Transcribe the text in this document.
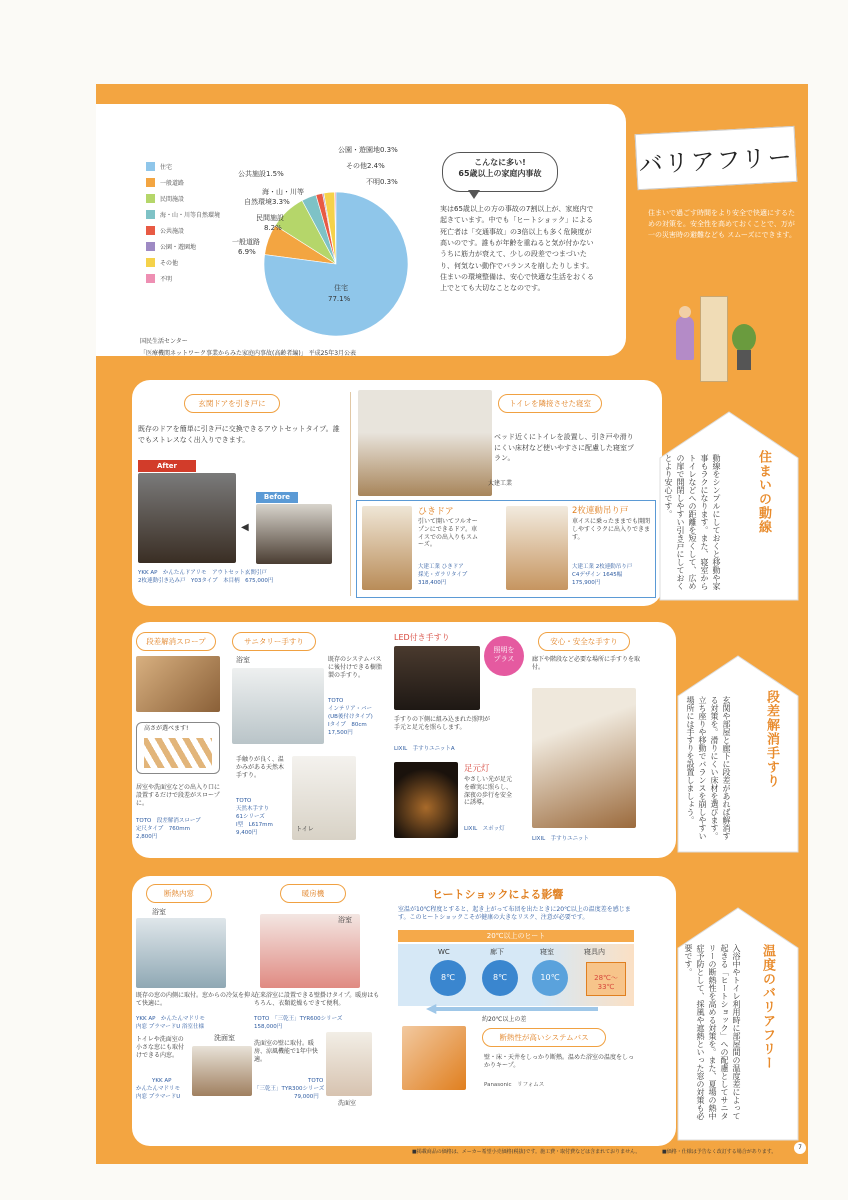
住宅
一般道路
民間施設
海・山・川等自然環境
公共施設
公園・遊園地
その他
不明
公園・遊園地0.3%
その他2.4%
不明0.3%
公共施設1.5%
海・山・川等
自然環境3.3%
民間施設
8.2%
一般道路
6.9%
住宅
77.1%
国民生活センター
「医療機関ネットワーク事業からみた家庭内事故(高齢者編)」 平成25年3月公表
こんなに多い!
65歳以上の家庭内事故
実は65歳以上の方の事故の7割以上が、家庭内で起きています。中でも「ヒートショック」による死亡者は「交通事故」の3倍以上も多く危険度が高いのです。誰もが年齢を重ねると気が付かないうちに筋力が衰えて、少しの段差でつまづいたり、何気ない動作でバランスを崩したりします。住まいの環境整備は、安心で快適な生活をおくる上でとても大切なことなのです。
バリアフリー
住まいで過ごす時間をより安全で快適にするための対策を。安全性を高めておくことで、万が一の災害時の避難なども スムーズにできます。
玄関ドアを引き戸に
既存のドアを簡単に引き戸に交換できるアウトセットタイプ。誰でもストレスなく出入りできます。
After
◀
Before
YKK AP　かんたんドアリモ　アウトセット玄関引戸
2枚連動引き込み戸　Y03タイプ　本目柄　675,000円
トイレを隣接させた寝室
ベッド近くにトイレを設置し、引き戸や滑りにくい床材など使いやすさに配慮した寝室プラン。
大建工業
ひきドア
引いて開いてフルオープンにできるドア。車イスでの出入りもスムーズ。
大建工業 ひきドア
採光・ガラリタイプ
318,400円
2枚連動吊り戸
車イスに乗ったままでも開閉しやすくラクに出入りできます。
大建工業 2枚連動吊り戸
C4デザイン 1645幅
175,900円
住まいの動線
動線をシンプルにしておくと移動や家事もラクになります。また、寝室からトイレなどへの距離を短くして、広めの扉で開閉しやすい引き戸にしておくとより安心です。
段差解消スロープ
高さが選べます!
居室や洗面室などの出入り口に設置するだけで段差がスロープに。
TOTO　段差解消スロープ
定尺タイプ　760mm
2,800円
サニタリー手すり
浴室	既存のシステムバスに後付けできる樹脂製の手すり。
TOTO
インテリア・バー
(UB後付けタイプ)
Ⅰタイプ　80cm
17,500円
手触りが良く、温かみがある天然木手すり。
TOTO
天然木手すり
61シリーズ
Ⅰ型　L617mm
9,400円	トイレ
LED付き手すり
照明を
プラス
手すりの下側に組み込まれた照明が手元と足元を照らします。
LIXIL　手すりユニットA
足元灯
やさしい光が足元を確実に照らし、深夜の歩行を安全に誘導。
LIXIL　スポッ灯
安心・安全な手すり
廊下や階段など必要な場所に手すりを取付。
LIXIL　手すりユニット
段差解消手すり
玄関や部屋と廊下に段差があれば解消する対策を。滑りにくい床材を選びます。立ち座りや移動でバランスを崩しやすい場所には手すりを設置しましょう。
断熱内窓
浴室
既存の窓の内側に取付。窓からの冷気を抑えて快適に。
YKK AP　かんたんマドリモ
内窓 プラマードU 浴室仕様
トイレや洗面室の小さな窓にも取付けできる内窓。
洗面室
YKK AP
かんたんマドリモ
内窓 プラマードU
暖房機
浴室
在来浴室に設置できる壁掛けタイプ。暖房はもちろん、衣類乾燥もできて便利。
TOTO　「三乾王」TYR600シリーズ
158,000円
洗面室の壁に取付。暖房、涼風機能で1年中快適。
洗面室
TOTO
「三乾王」TYR300シリーズ
79,000円
ヒートショックによる影響
室温が10℃程度とすると、起き上がって布団を出たときに20℃以上の温度差を感じます。このヒートショックこそが健康の大きなリスク、注意が必要です。
20℃以上のヒート
WC	廊下	寝室	寝具内
8℃	8℃	10℃	28℃〜33℃
約20℃以上の差
断熱性が高いシステムバス
壁・床・天井をしっかり断熱。温めた浴室の温度をしっかりキープ。
Panasonic　リフォムス
温度のバリアフリー
入浴中やトイレ利用時に部屋間の温度差によって起きる「ヒートショック」への配慮としてサニタリーの断熱性を高める対策を。また、夏場の熱中症予防として、採風や遮熱といった窓の対策も必要です。
■掲載商品の価格は、メーカー希望小売価格(税抜)です。施工費・取付費などは含まれておりません。	■価格・仕様は予告なく改訂する場合があります。
7
